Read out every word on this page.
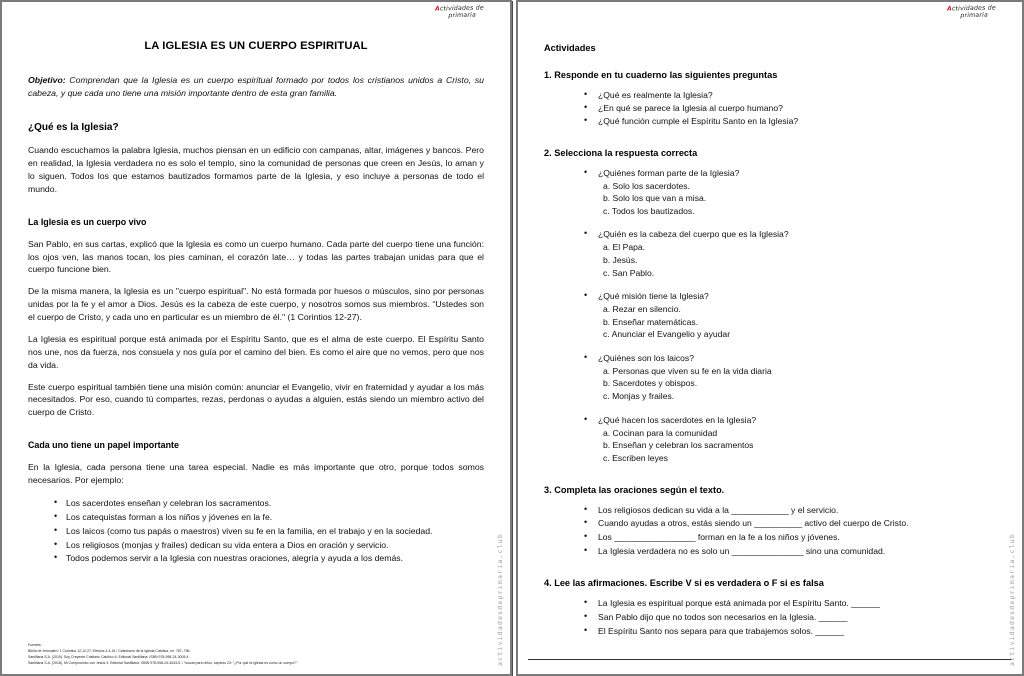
Actividades de
primaria
LA IGLESIA ES UN CUERPO ESPIRITUAL

Objetivo: Comprendan que la Iglesia es un cuerpo espiritual formado por todos los cristianos unidos a Cristo, su cabeza, y que cada uno tiene una misión importante dentro de esta gran familia.

¿Qué es la Iglesia?

Cuando escuchamos la palabra Iglesia, muchos piensan en un edificio con campanas, altar, imágenes y bancos. Pero en realidad, la Iglesia verdadera no es solo el templo, sino la comunidad de personas que creen en Jesús, lo aman y lo siguen. Todos los que estamos bautizados formamos parte de la Iglesia, y eso incluye a personas de todo el mundo.

La Iglesia es un cuerpo vivo

San Pablo, en sus cartas, explicó que la Iglesia es como un cuerpo humano. Cada parte del cuerpo tiene una función: los ojos ven, las manos tocan, los pies caminan, el corazón late… y todas las partes trabajan unidas para que el cuerpo funcione bien.

De la misma manera, la Iglesia es un "cuerpo espiritual". No está formada por huesos o músculos, sino por personas unidas por la fe y el amor a Dios. Jesús es la cabeza de este cuerpo, y nosotros somos sus miembros. “Ustedes son el cuerpo de Cristo, y cada uno en particular es un miembro de él." (1 Corintios 12-27).

La Iglesia es espiritual porque está animada por el Espíritu Santo, que es el alma de este cuerpo. El Espíritu Santo nos une, nos da fuerza, nos consuela y nos guía por el camino del bien. Es como el aire que no vemos, pero que nos da vida.

Este cuerpo espiritual también tiene una misión común: anunciar el Evangelio, vivir en fraternidad y ayudar a los más necesitados. Por eso, cuando tú compartes, rezas, perdonas o ayudas a alguien, estás siendo un miembro activo del cuerpo de Cristo.

Cada uno tiene un papel importante

En la Iglesia, cada persona tiene una tarea especial. Nadie es más importante que otro, porque todos somos necesarios. Por ejemplo:

• Los sacerdotes enseñan y celebran los sacramentos.
• Los catequistas forman a los niños y jóvenes en la fe.
• Los laicos (como tus papás o maestros) viven su fe en la familia, en el trabajo y en la sociedad.
• Los religiosos (monjas y frailes) dedican su vida entera a Dios en oración y servicio.
• Todos podemos servir a la Iglesia con nuestras oraciones, alegría y ayuda a los demás.
Fuentes:
Biblia de Jerusalén: 1 Corintios 12,12-27; Efesios 4,4-16 / Catecismo de la Iglesia Católica, nn. 787–796.
Santillana S.A. (2015). Soy Creyente Cristiano Católico 6. Editorial Santillana. ISBN 978-958-24-3005-4.
Santillana S.A. (2018). Mi Compromiso con Jesús 3. Editorial Santillana. ISBN 978-958-24-3433-5. / Youcat para niños, capítulo 23: "¿Por qué la Iglesia es como un cuerpo?".	actividadesdeprimaria.club
Actividades de
primaria
Actividades
1. Responde en tu cuaderno las siguientes preguntas
• ¿Qué es realmente la Iglesia?
• ¿En qué se parece la Iglesia al cuerpo humano?
• ¿Qué función cumple el Espíritu Santo en la Iglesia?
2. Selecciona la respuesta correcta
• ¿Quiénes forman parte de la Iglesia?
a. Solo los sacerdotes.
b. Solo los que van a misa.
c. Todos los bautizados.
• ¿Quién es la cabeza del cuerpo que es la Iglesia?
a. El Papa.
b. Jesús.
c. San Pablo.
• ¿Qué misión tiene la Iglesia?
a. Rezar en silencio.
b. Enseñar matemáticas.
c. Anunciar el Evangelio y ayudar
• ¿Quiénes son los laicos?
a. Personas que viven su fe en la vida diaria
b. Sacerdotes y obispos.
c. Monjas y frailes.
• ¿Qué hacen los sacerdotes en la Iglesia?
a. Cocinan para la comunidad
b. Enseñan y celebran los sacramentos
c. Escriben leyes
3. Completa las oraciones según el texto.
• Los religiosos dedican su vida a la ____________ y el servicio.
• Cuando ayudas a otros, estás siendo un __________ activo del cuerpo de Cristo.
• Los _________________ forman en la fe a los niños y jóvenes.
• La Iglesia verdadera no es solo un _______________ sino una comunidad.
4. Lee las afirmaciones. Escribe V si es verdadera o F si es falsa
• La Iglesia es espiritual porque está animada por el Espíritu Santo. ______
• San Pablo dijo que no todos son necesarios en la Iglesia. ______
• El Espíritu Santo nos separa para que trabajemos solos. ______	actividadesdeprimaria.club
